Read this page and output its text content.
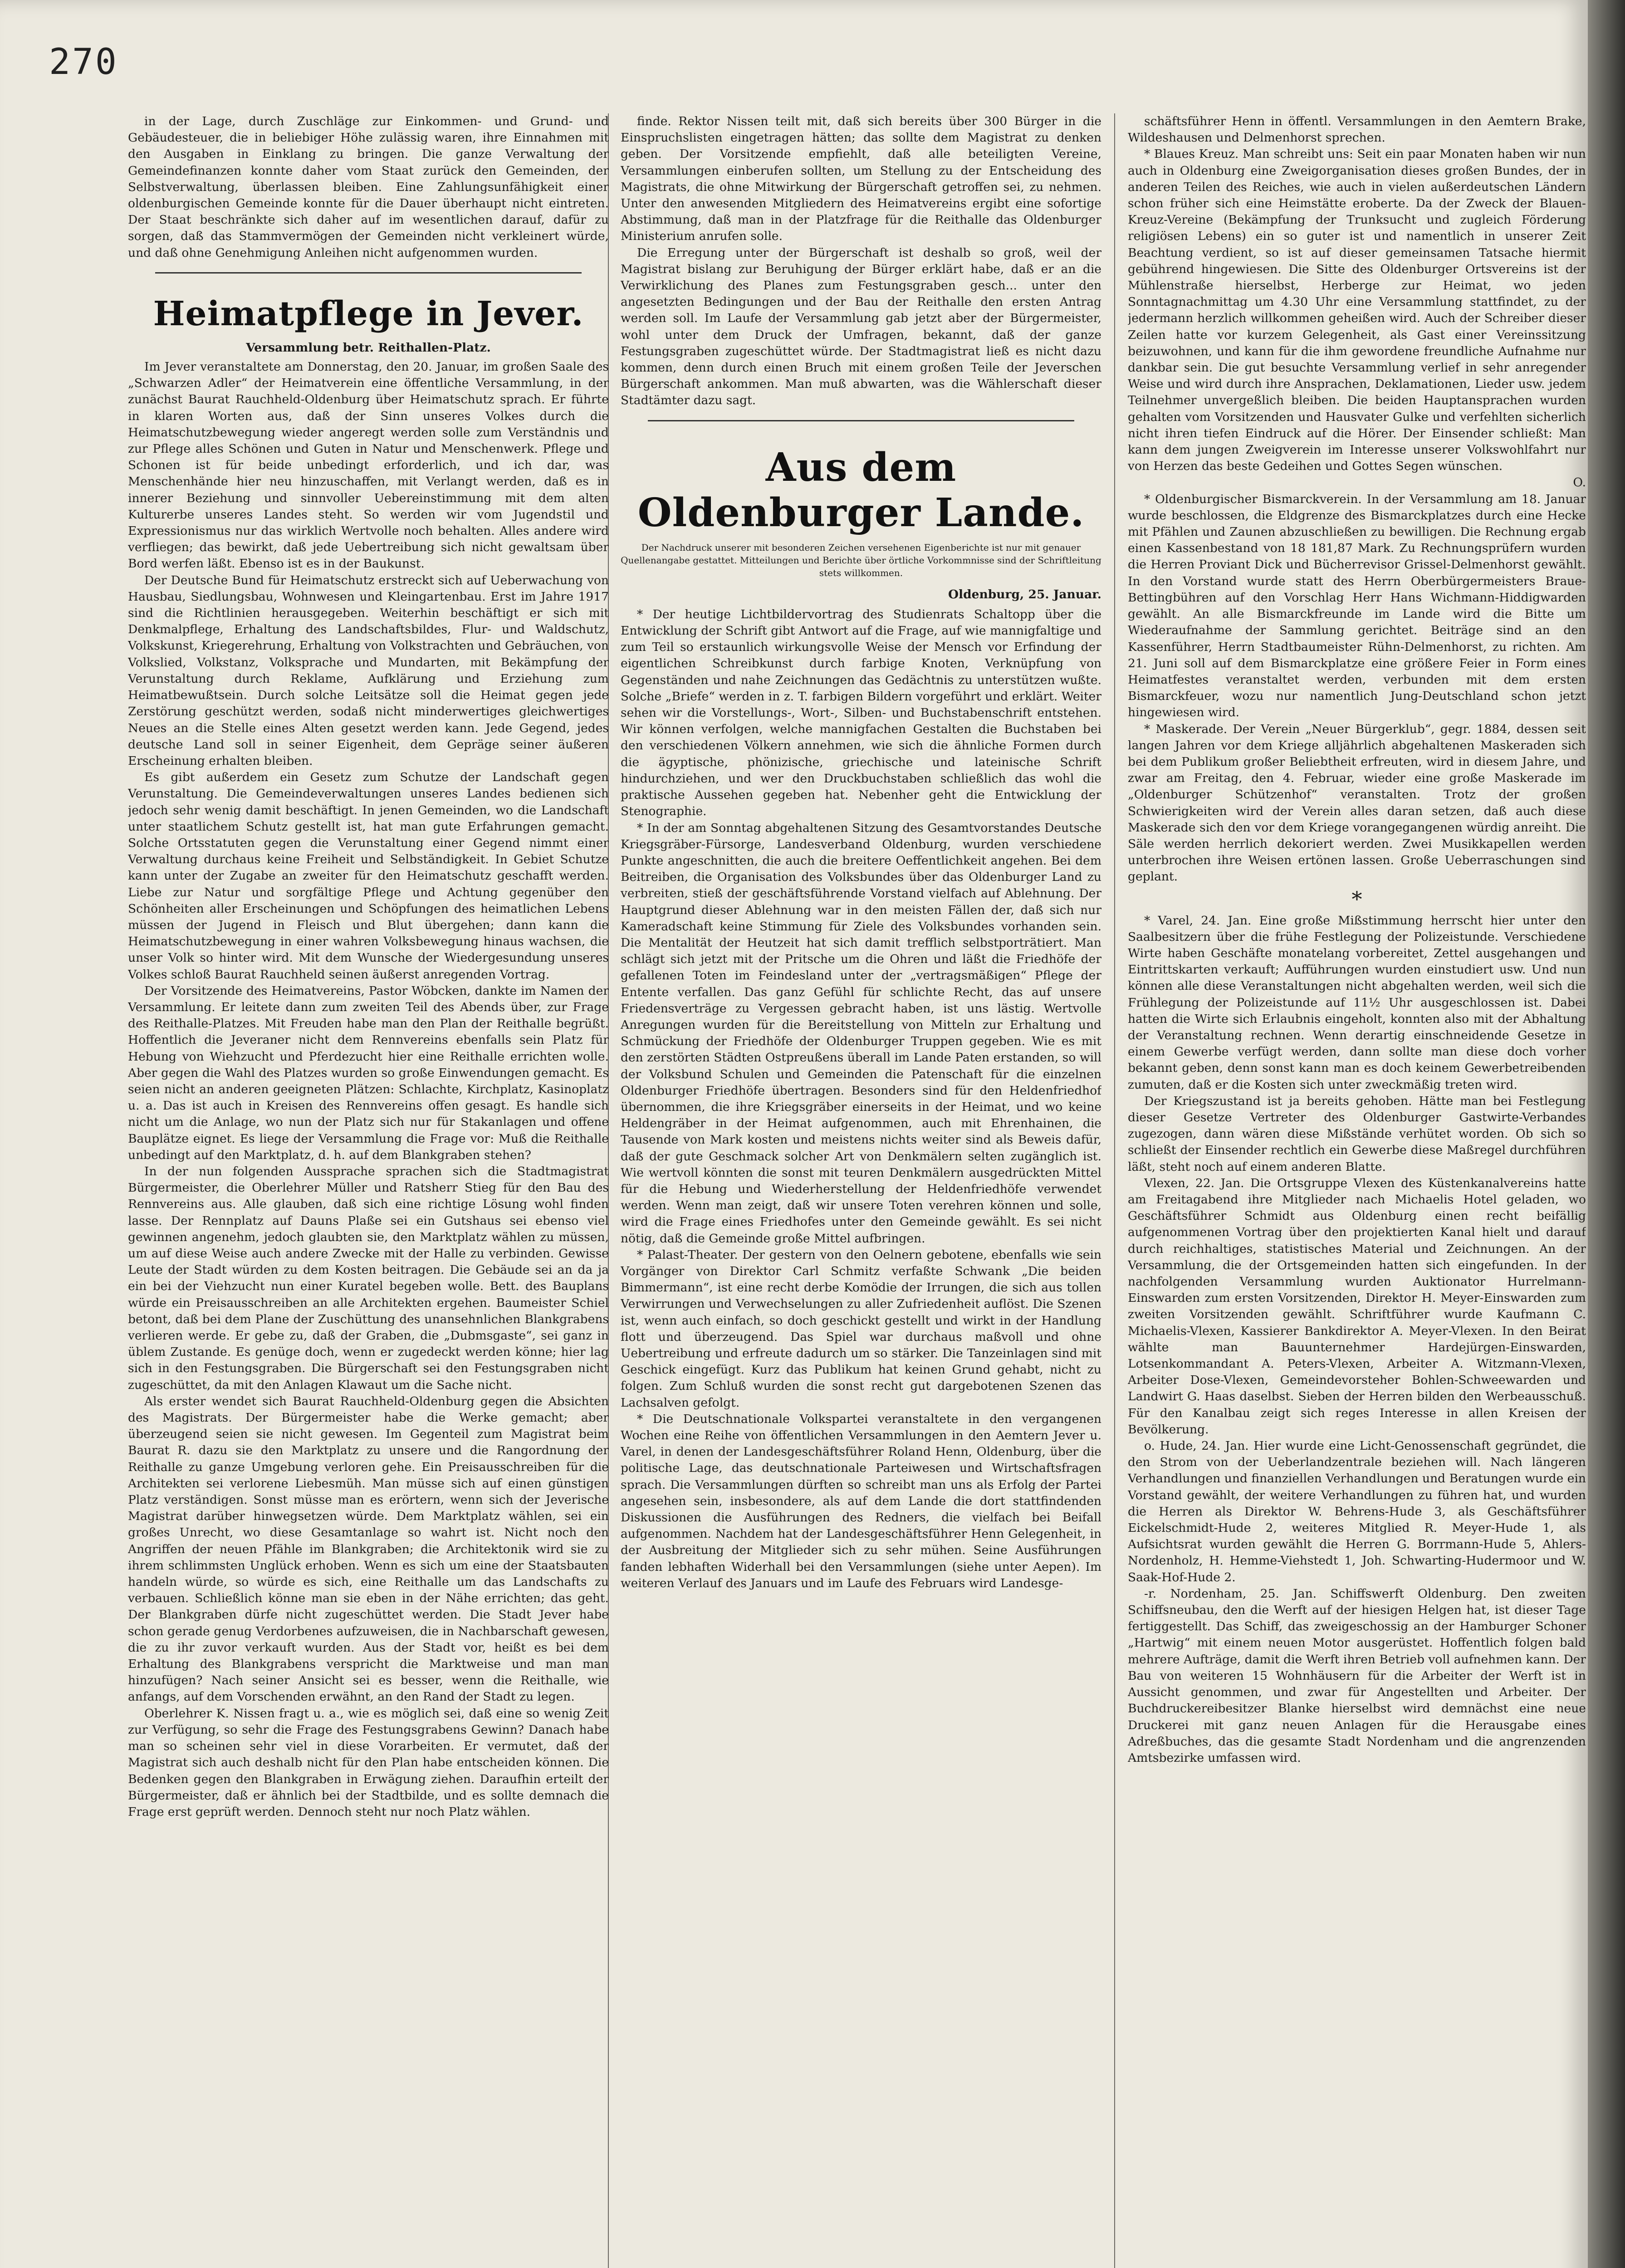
270

in der Lage, durch Zuschläge zur Einkommen- und Grund- und Gebäudesteuer, die in beliebiger Höhe zulässig waren, ihre Einnahmen mit den Ausgaben in Einklang zu bringen. Die ganze Verwaltung der Gemeindefinanzen konnte daher vom Staat zurück den Gemeinden, der Selbstverwaltung, überlassen bleiben. Eine Zahlungsunfähigkeit einer oldenburgischen Gemeinde konnte für die Dauer überhaupt nicht eintreten. Der Staat beschränkte sich daher auf im wesentlichen darauf, dafür zu sorgen, daß das Stammvermögen der Gemeinden nicht verkleinert würde, und daß ohne Genehmigung Anleihen nicht aufgenommen wurden.

Heimatpflege in Jever.

Versammlung betr. Reithallen-Platz.

Im Jever veranstaltete am Donnerstag, den 20. Januar, im großen Saale des „Schwarzen Adler“ der Heimatverein eine öffentliche Versammlung, in der zunächst Baurat Rauchheld-Oldenburg über Heimatschutz sprach. Er führte in klaren Worten aus, daß der Sinn unseres Volkes durch die Heimatschutzbewegung wieder angeregt werden solle zum Verständnis und zur Pflege alles Schönen und Guten in Natur und Menschenwerk. Pflege und Schonen ist für beide unbedingt erforderlich, und ich dar, was Menschenhände hier neu hinzuschaffen, mit Verlangt werden, daß es in innerer Beziehung und sinnvoller Uebereinstimmung mit dem alten Kulturerbe unseres Landes steht. So werden wir vom Jugendstil und Expressionismus nur das wirklich Wertvolle noch behalten. Alles andere wird verfliegen; das bewirkt, daß jede Uebertreibung sich nicht gewaltsam über Bord werfen läßt. Ebenso ist es in der Baukunst.

Der Deutsche Bund für Heimatschutz erstreckt sich auf Ueberwachung von Hausbau, Siedlungsbau, Wohnwesen und Kleingartenbau. Erst im Jahre 1917 sind die Richtlinien herausgegeben. Weiterhin beschäftigt er sich mit Denkmalpflege, Erhaltung des Landschaftsbildes, Flur- und Waldschutz, Volkskunst, Kriegerehrung, Erhaltung von Volkstrachten und Gebräuchen, von Volkslied, Volkstanz, Volksprache und Mundarten, mit Bekämpfung der Verunstaltung durch Reklame, Aufklärung und Erziehung zum Heimatbewußtsein. Durch solche Leitsätze soll die Heimat gegen jede Zerstörung geschützt werden, sodaß nicht minderwertiges gleichwertiges Neues an die Stelle eines Alten gesetzt werden kann. Jede Gegend, jedes deutsche Land soll in seiner Eigenheit, dem Gepräge seiner äußeren Erscheinung erhalten bleiben.

Es gibt außerdem ein Gesetz zum Schutze der Landschaft gegen Verunstaltung. Die Gemeindeverwaltungen unseres Landes bedienen sich jedoch sehr wenig damit beschäftigt. In jenen Gemeinden, wo die Landschaft unter staatlichem Schutz gestellt ist, hat man gute Erfahrungen gemacht. Solche Ortsstatuten gegen die Verunstaltung einer Gegend nimmt einer Verwaltung durchaus keine Freiheit und Selbständigkeit. In Gebiet Schutze kann unter der Zugabe an zweiter für den Heimatschutz geschafft werden. Liebe zur Natur und sorgfältige Pflege und Achtung gegenüber den Schönheiten aller Erscheinungen und Schöpfungen des heimatlichen Lebens müssen der Jugend in Fleisch und Blut übergehen; dann kann die Heimatschutzbewegung in einer wahren Volksbewegung hinaus wachsen, die unser Volk so hinter wird. Mit dem Wunsche der Wiedergesundung unseres Volkes schloß Baurat Rauchheld seinen äußerst anregenden Vortrag.

Der Vorsitzende des Heimatvereins, Pastor Wöbcken, dankte im Namen der Versammlung. Er leitete dann zum zweiten Teil des Abends über, zur Frage des Reithalle-Platzes. Mit Freuden habe man den Plan der Reithalle begrüßt. Hoffentlich die Jeveraner nicht dem Rennvereins ebenfalls sein Platz für Hebung von Wiehzucht und Pferdezucht hier eine Reithalle errichten wolle. Aber gegen die Wahl des Platzes wurden so große Einwendungen gemacht. Es seien nicht an anderen geeigneten Plätzen: Schlachte, Kirchplatz, Kasinoplatz u. a. Das ist auch in Kreisen des Rennvereins offen gesagt. Es handle sich nicht um die Anlage, wo nun der Platz sich nur für Stakanlagen und offene Bauplätze eignet. Es liege der Versammlung die Frage vor: Muß die Reithalle unbedingt auf den Marktplatz, d. h. auf dem Blankgraben stehen?

In der nun folgenden Aussprache sprachen sich die Stadtmagistrat Bürgermeister, die Oberlehrer Müller und Ratsherr Stieg für den Bau des Rennvereins aus. Alle glauben, daß sich eine richtige Lösung wohl finden lasse. Der Rennplatz auf Dauns Plaße sei ein Gutshaus sei ebenso viel gewinnen angenehm, jedoch glaubten sie, den Marktplatz wählen zu müssen, um auf diese Weise auch andere Zwecke mit der Halle zu verbinden. Gewisse Leute der Stadt würden zu dem Kosten beitragen. Die Gebäude sei an da ja ein bei der Viehzucht nun einer Kuratel begeben wolle. Bett. des Bauplans würde ein Preisausschreiben an alle Architekten ergehen. Baumeister Schiel betont, daß bei dem Plane der Zuschüttung des unansehnlichen Blankgrabens verlieren werde. Er gebe zu, daß der Graben, die „Dubmsgaste“, sei ganz in üblem Zustande. Es genüge doch, wenn er zugedeckt werden könne; hier lag sich in den Festungsgraben. Die Bürgerschaft sei den Festungsgraben nicht zugeschüttet, da mit den Anlagen Klawaut um die Sache nicht.

Als erster wendet sich Baurat Rauchheld-Oldenburg gegen die Absichten des Magistrats. Der Bürgermeister habe die Werke gemacht; aber überzeugend seien sie nicht gewesen. Im Gegenteil zum Magistrat beim Baurat R. dazu sie den Marktplatz zu unsere und die Rangordnung der Reithalle zu ganze Umgebung verloren gehe. Ein Preisausschreiben für die Architekten sei verlorene Liebesmüh. Man müsse sich auf einen günstigen Platz verständigen. Sonst müsse man es erörtern, wenn sich der Jeverische Magistrat darüber hinwegsetzen würde. Dem Marktplatz wählen, sei ein großes Unrecht, wo diese Gesamtanlage so wahrt ist. Nicht noch den Angriffen der neuen Pfähle im Blankgraben; die Architektonik wird sie zu ihrem schlimmsten Unglück erhoben. Wenn es sich um eine der Staatsbauten handeln würde, so würde es sich, eine Reithalle um das Landschafts zu verbauen. Schließlich könne man sie eben in der Nähe errichten; das geht. Der Blankgraben dürfe nicht zugeschüttet werden. Die Stadt Jever habe schon gerade genug Verdorbenes aufzuweisen, die in Nachbarschaft gewesen, die zu ihr zuvor verkauft wurden. Aus der Stadt vor, heißt es bei dem Erhaltung des Blankgrabens verspricht die Marktweise und man man hinzufügen? Nach seiner Ansicht sei es besser, wenn die Reithalle, wie anfangs, auf dem Vorschenden erwähnt, an den Rand der Stadt zu legen.

Oberlehrer K. Nissen fragt u. a., wie es möglich sei, daß eine so wenig Zeit zur Verfügung, so sehr die Frage des Festungsgrabens Gewinn? Danach habe man so scheinen sehr viel in diese Vorarbeiten. Er vermutet, daß der Magistrat sich auch deshalb nicht für den Plan habe entscheiden können. Die Bedenken gegen den Blankgraben in Erwägung ziehen. Daraufhin erteilt der Bürgermeister, daß er ähnlich bei der Stadtbilde, und es sollte demnach die Frage erst geprüft werden. Dennoch steht nur noch Platz wählen.

finde. Rektor Nissen teilt mit, daß sich bereits über 300 Bürger in die Einspruchslisten eingetragen hätten; das sollte dem Magistrat zu denken geben. Der Vorsitzende empfiehlt, daß alle beteiligten Vereine, Versammlungen einberufen sollten, um Stellung zu der Entscheidung des Magistrats, die ohne Mitwirkung der Bürgerschaft getroffen sei, zu nehmen. Unter den anwesenden Mitgliedern des Heimatvereins ergibt eine sofortige Abstimmung, daß man in der Platzfrage für die Reithalle das Oldenburger Ministerium anrufen solle.

Die Erregung unter der Bürgerschaft ist deshalb so groß, weil der Magistrat bislang zur Beruhigung der Bürger erklärt habe, daß er an die Verwirklichung des Planes zum Festungsgraben gesch... unter den angesetzten Bedingungen und der Bau der Reithalle den ersten Antrag werden soll. Im Laufe der Versammlung gab jetzt aber der Bürgermeister, wohl unter dem Druck der Umfragen, bekannt, daß der ganze Festungsgraben zugeschüttet würde. Der Stadtmagistrat ließ es nicht dazu kommen, denn durch einen Bruch mit einem großen Teile der Jeverschen Bürgerschaft ankommen. Man muß abwarten, was die Wählerschaft dieser Stadtämter dazu sagt.

Aus dem Oldenburger Lande.

Der Nachdruck unserer mit besonderen Zeichen versehenen Eigenberichte ist nur mit genauer Quellenangabe gestattet. Mitteilungen und Berichte über örtliche Vorkommnisse sind der Schriftleitung stets willkommen.

Oldenburg, 25. Januar.

* Der heutige Lichtbildervortrag des Studienrats Schaltopp über die Entwicklung der Schrift gibt Antwort auf die Frage, auf wie mannigfaltige und zum Teil so erstaunlich wirkungsvolle Weise der Mensch vor Erfindung der eigentlichen Schreibkunst durch farbige Knoten, Verknüpfung von Gegenständen und nahe Zeichnungen das Gedächtnis zu unterstützen wußte. Solche „Briefe“ werden in z. T. farbigen Bildern vorgeführt und erklärt. Weiter sehen wir die Vorstellungs-, Wort-, Silben- und Buchstabenschrift entstehen. Wir können verfolgen, welche mannigfachen Gestalten die Buchstaben bei den verschiedenen Völkern annehmen, wie sich die ähnliche Formen durch die ägyptische, phönizische, griechische und lateinische Schrift hindurchziehen, und wer den Druckbuchstaben schließlich das wohl die praktische Aussehen gegeben hat. Nebenher geht die Entwicklung der Stenographie.

* In der am Sonntag abgehaltenen Sitzung des Gesamtvorstandes Deutsche Kriegsgräber-Fürsorge, Landesverband Oldenburg, wurden verschiedene Punkte angeschnitten, die auch die breitere Oeffentlichkeit angehen. Bei dem Beitreiben, die Organisation des Volksbundes über das Oldenburger Land zu verbreiten, stieß der geschäftsführende Vorstand vielfach auf Ablehnung. Der Hauptgrund dieser Ablehnung war in den meisten Fällen der, daß sich nur Kameradschaft keine Stimmung für Ziele des Volksbundes vorhanden sein. Die Mentalität der Heutzeit hat sich damit trefflich selbstporträtiert. Man schlägt sich jetzt mit der Pritsche um die Ohren und läßt die Friedhöfe der gefallenen Toten im Feindesland unter der „vertragsmäßigen“ Pflege der Entente verfallen. Das ganz Gefühl für schlichte Recht, das auf unsere Friedensverträge zu Vergessen gebracht haben, ist uns lästig. Wertvolle Anregungen wurden für die Bereitstellung von Mitteln zur Erhaltung und Schmückung der Friedhöfe der Oldenburger Truppen gegeben. Wie es mit den zerstörten Städten Ostpreußens überall im Lande Paten erstanden, so will der Volksbund Schulen und Gemeinden die Patenschaft für die einzelnen Oldenburger Friedhöfe übertragen. Besonders sind für den Heldenfriedhof übernommen, die ihre Kriegsgräber einerseits in der Heimat, und wo keine Heldengräber in der Heimat aufgenommen, auch mit Ehrenhainen, die Tausende von Mark kosten und meistens nichts weiter sind als Beweis dafür, daß der gute Geschmack solcher Art von Denkmälern selten zugänglich ist. Wie wertvoll könnten die sonst mit teuren Denkmälern ausgedrückten Mittel für die Hebung und Wiederherstellung der Heldenfriedhöfe verwendet werden. Wenn man zeigt, daß wir unsere Toten verehren können und solle, wird die Frage eines Friedhofes unter den Gemeinde gewählt. Es sei nicht nötig, daß die Gemeinde große Mittel aufbringen.

* Palast-Theater. Der gestern von den Oelnern gebotene, ebenfalls wie sein Vorgänger von Direktor Carl Schmitz verfaßte Schwank „Die beiden Bimmermann“, ist eine recht derbe Komödie der Irrungen, die sich aus tollen Verwirrungen und Verwechselungen zu aller Zufriedenheit auflöst. Die Szenen ist, wenn auch einfach, so doch geschickt gestellt und wirkt in der Handlung flott und überzeugend. Das Spiel war durchaus maßvoll und ohne Uebertreibung und erfreute dadurch um so stärker. Die Tanzeinlagen sind mit Geschick eingefügt. Kurz das Publikum hat keinen Grund gehabt, nicht zu folgen. Zum Schluß wurden die sonst recht gut dargebotenen Szenen das Lachsalven gefolgt.

* Die Deutschnationale Volkspartei veranstaltete in den vergangenen Wochen eine Reihe von öffentlichen Versammlungen in den Aemtern Jever u. Varel, in denen der Landesgeschäftsführer Roland Henn, Oldenburg, über die politische Lage, das deutschnationale Parteiwesen und Wirtschaftsfragen sprach. Die Versammlungen dürften so schreibt man uns als Erfolg der Partei angesehen sein, insbesondere, als auf dem Lande die dort stattfindenden Diskussionen die Ausführungen des Redners, die vielfach bei Beifall aufgenommen. Nachdem hat der Landesgeschäftsführer Henn Gelegenheit, in der Ausbreitung der Mitglieder sich zu sehr mühen. Seine Ausführungen fanden lebhaften Widerhall bei den Versammlungen (siehe unter Aepen). Im weiteren Verlauf des Januars und im Laufe des Februars wird Landesge-

schäftsführer Henn in öffentl. Versammlungen in den Aemtern Brake, Wildeshausen und Delmenhorst sprechen.

* Blaues Kreuz. Man schreibt uns: Seit ein paar Monaten haben wir nun auch in Oldenburg eine Zweigorganisation dieses großen Bundes, der in anderen Teilen des Reiches, wie auch in vielen außerdeutschen Ländern schon früher sich eine Heimstätte eroberte. Da der Zweck der Blauen-Kreuz-Vereine (Bekämpfung der Trunksucht und zugleich Förderung religiösen Lebens) ein so guter ist und namentlich in unserer Zeit Beachtung verdient, so ist auf dieser gemeinsamen Tatsache hiermit gebührend hingewiesen. Die Sitte des Oldenburger Ortsvereins ist der Mühlenstraße hierselbst, Herberge zur Heimat, wo jeden Sonntagnachmittag um 4.30 Uhr eine Versammlung stattfindet, zu der jedermann herzlich willkommen geheißen wird. Auch der Schreiber dieser Zeilen hatte vor kurzem Gelegenheit, als Gast einer Vereinssitzung beizuwohnen, und kann für die ihm gewordene freundliche Aufnahme nur dankbar sein. Die gut besuchte Versammlung verlief in sehr anregender Weise und wird durch ihre Ansprachen, Deklamationen, Lieder usw. jedem Teilnehmer unvergeßlich bleiben. Die beiden Hauptansprachen wurden gehalten vom Vorsitzenden und Hausvater Gulke und verfehlten sicherlich nicht ihren tiefen Eindruck auf die Hörer. Der Einsender schließt: Man kann dem jungen Zweigverein im Interesse unserer Volkswohlfahrt nur von Herzen das beste Gedeihen und Gottes Segen wünschen.

O.

* Oldenburgischer Bismarckverein. In der Versammlung am 18. Januar wurde beschlossen, die Eldgrenze des Bismarckplatzes durch eine Hecke mit Pfählen und Zaunen abzuschließen zu bewilligen. Die Rechnung ergab einen Kassenbestand von 18 181,87 Mark. Zu Rechnungsprüfern wurden die Herren Proviant Dick und Bücherrevisor Grissel-Delmenhorst gewählt. In den Vorstand wurde statt des Herrn Oberbürgermeisters Braue-Bettingbühren auf den Vorschlag Herr Hans Wichmann-Hiddigwarden gewählt. An alle Bismarckfreunde im Lande wird die Bitte um Wiederaufnahme der Sammlung gerichtet. Beiträge sind an den Kassenführer, Herrn Stadtbaumeister Rühn-Delmenhorst, zu richten. Am 21. Juni soll auf dem Bismarckplatze eine größere Feier in Form eines Heimatfestes veranstaltet werden, verbunden mit dem ersten Bismarckfeuer, wozu nur namentlich Jung-Deutschland schon jetzt hingewiesen wird.

* Maskerade. Der Verein „Neuer Bürgerklub“, gegr. 1884, dessen seit langen Jahren vor dem Kriege alljährlich abgehaltenen Maskeraden sich bei dem Publikum großer Beliebtheit erfreuten, wird in diesem Jahre, und zwar am Freitag, den 4. Februar, wieder eine große Maskerade im „Oldenburger Schützenhof“ veranstalten. Trotz der großen Schwierigkeiten wird der Verein alles daran setzen, daß auch diese Maskerade sich den vor dem Kriege vorangegangenen würdig anreiht. Die Säle werden herrlich dekoriert werden. Zwei Musikkapellen werden unterbrochen ihre Weisen ertönen lassen. Große Ueberraschungen sind geplant.

*

* Varel, 24. Jan. Eine große Mißstimmung herrscht hier unter den Saalbesitzern über die frühe Festlegung der Polizeistunde. Verschiedene Wirte haben Geschäfte monatelang vorbereitet, Zettel ausgehangen und Eintrittskarten verkauft; Aufführungen wurden einstudiert usw. Und nun können alle diese Veranstaltungen nicht abgehalten werden, weil sich die Frühlegung der Polizeistunde auf 11½ Uhr ausgeschlossen ist. Dabei hatten die Wirte sich Erlaubnis eingeholt, konnten also mit der Abhaltung der Veranstaltung rechnen. Wenn derartig einschneidende Gesetze in einem Gewerbe verfügt werden, dann sollte man diese doch vorher bekannt geben, denn sonst kann man es doch keinem Gewerbetreibenden zumuten, daß er die Kosten sich unter zweckmäßig treten wird.

Der Kriegszustand ist ja bereits gehoben. Hätte man bei Festlegung dieser Gesetze Vertreter des Oldenburger Gastwirte-Verbandes zugezogen, dann wären diese Mißstände verhütet worden. Ob sich so schließt der Einsender rechtlich ein Gewerbe diese Maßregel durchführen läßt, steht noch auf einem anderen Blatte.

Vlexen, 22. Jan. Die Ortsgruppe Vlexen des Küstenkanalvereins hatte am Freitagabend ihre Mitglieder nach Michaelis Hotel geladen, wo Geschäftsführer Schmidt aus Oldenburg einen recht beifällig aufgenommenen Vortrag über den projektierten Kanal hielt und darauf durch reichhaltiges, statistisches Material und Zeichnungen. An der Versammlung, die der Ortsgemeinden hatten sich eingefunden. In der nachfolgenden Versammlung wurden Auktionator Hurrelmann-Einswarden zum ersten Vorsitzenden, Direktor H. Meyer-Einswarden zum zweiten Vorsitzenden gewählt. Schriftführer wurde Kaufmann C. Michaelis-Vlexen, Kassierer Bankdirektor A. Meyer-Vlexen. In den Beirat wählte man Bauunternehmer Hardejürgen-Einswarden, Lotsenkommandant A. Peters-Vlexen, Arbeiter A. Witzmann-Vlexen, Arbeiter Dose-Vlexen, Gemeindevorsteher Bohlen-Schweewarden und Landwirt G. Haas daselbst. Sieben der Herren bilden den Werbeausschuß. Für den Kanalbau zeigt sich reges Interesse in allen Kreisen der Bevölkerung.

o. Hude, 24. Jan. Hier wurde eine Licht-Genossenschaft gegründet, die den Strom von der Ueberlandzentrale beziehen will. Nach längeren Verhandlungen und finanziellen Verhandlungen und Beratungen wurde ein Vorstand gewählt, der weitere Verhandlungen zu führen hat, und wurden die Herren als Direktor W. Behrens-Hude 3, als Geschäftsführer Eickelschmidt-Hude 2, weiteres Mitglied R. Meyer-Hude 1, als Aufsichtsrat wurden gewählt die Herren G. Borrmann-Hude 5, Ahlers-Nordenholz, H. Hemme-Viehstedt 1, Joh. Schwarting-Hudermoor und W. Saak-Hof-Hude 2.

-r. Nordenham, 25. Jan. Schiffswerft Oldenburg. Den zweiten Schiffsneubau, den die Werft auf der hiesigen Helgen hat, ist dieser Tage fertiggestellt. Das Schiff, das zweigeschossig an der Hamburger Schoner „Hartwig“ mit einem neuen Motor ausgerüstet. Hoffentlich folgen bald mehrere Aufträge, damit die Werft ihren Betrieb voll aufnehmen kann. Der Bau von weiteren 15 Wohnhäusern für die Arbeiter der Werft ist in Aussicht genommen, und zwar für Angestellten und Arbeiter. Der Buchdruckereibesitzer Blanke hierselbst wird demnächst eine neue Druckerei mit ganz neuen Anlagen für die Herausgabe eines Adreßbuches, das die gesamte Stadt Nordenham und die angrenzenden Amtsbezirke umfassen wird.
